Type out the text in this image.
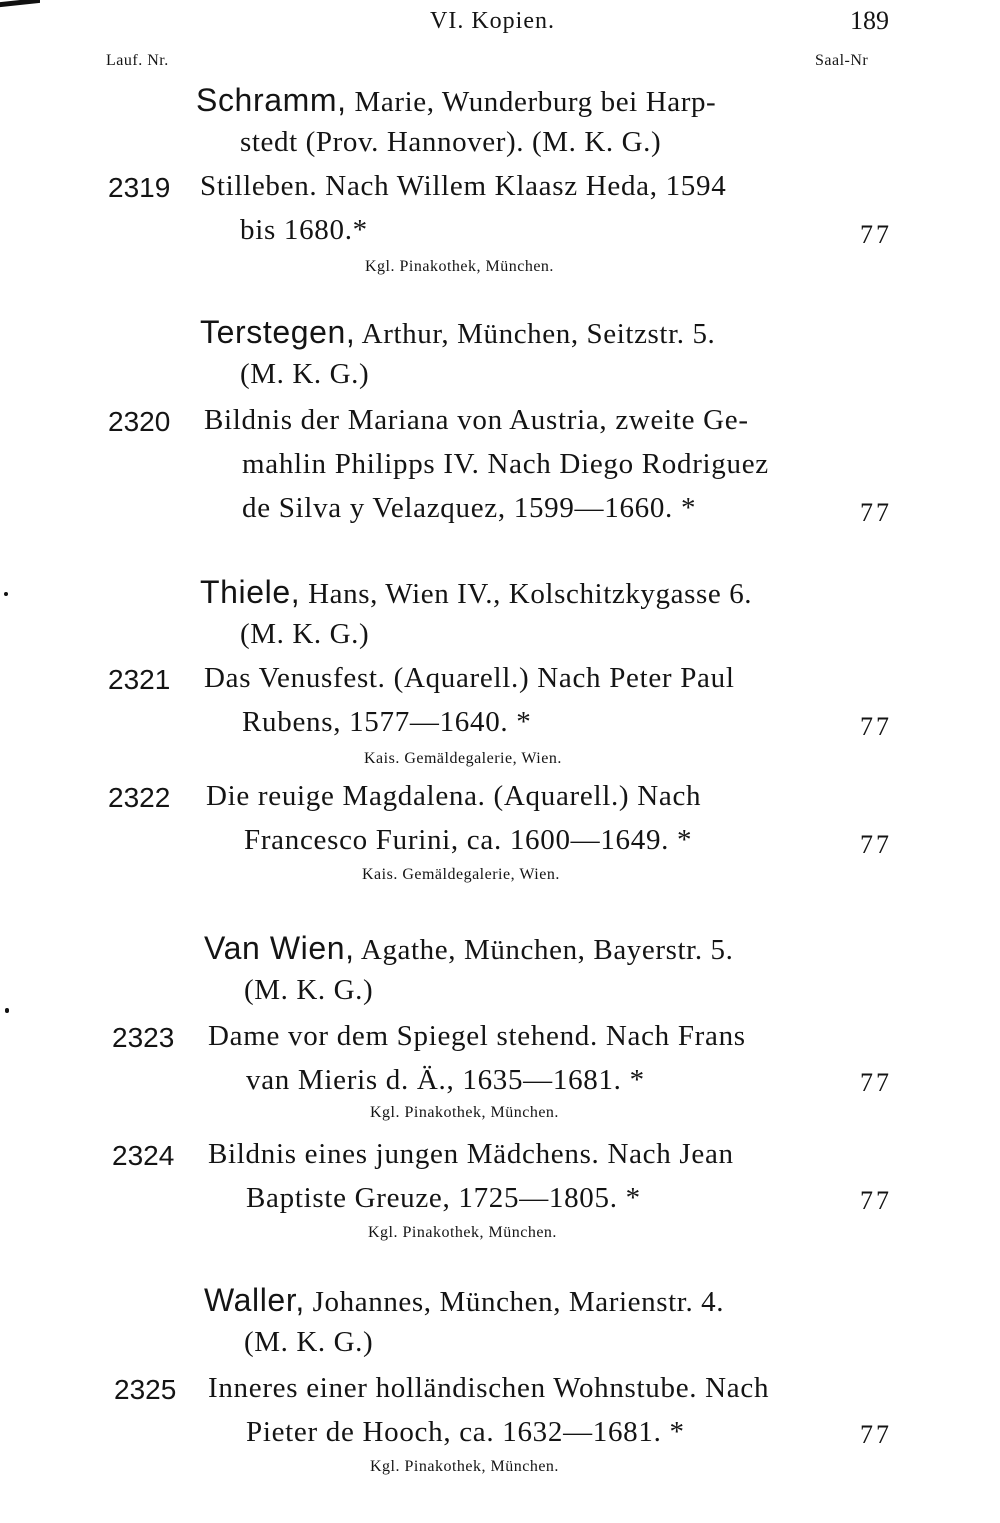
VI. Kopien.	189
Lauf. Nr.	Saal-Nr
Schramm, Marie, Wunderburg bei Harp-
stedt (Prov. Hannover). (M. K. G.)
2319 Stilleben. Nach Willem Klaasz Heda, 1594
bis 1680.*	77
Kgl. Pinakothek, München.
Terstegen, Arthur, München, Seitzstr. 5.
(M. K. G.)
2320 Bildnis der Mariana von Austria, zweite Ge-
mahlin Philipps IV. Nach Diego Rodriguez
de Silva y Velazquez, 1599—1660. *	77
Thiele, Hans, Wien IV., Kolschitzkygasse 6.
(M. K. G.)
2321 Das Venusfest. (Aquarell.) Nach Peter Paul
Rubens, 1577—1640. *	77
Kais. Gemäldegalerie, Wien.
2322 Die reuige Magdalena. (Aquarell.) Nach
Francesco Furini, ca. 1600—1649. *	77
Kais. Gemäldegalerie, Wien.
Van Wien, Agathe, München, Bayerstr. 5.
(M. K. G.)
2323 Dame vor dem Spiegel stehend. Nach Frans
van Mieris d. Ä., 1635—1681. *	77
Kgl. Pinakothek, München.
2324 Bildnis eines jungen Mädchens. Nach Jean
Baptiste Greuze, 1725—1805. *	77
Kgl. Pinakothek, München.
Waller, Johannes, München, Marienstr. 4.
(M. K. G.)
2325 Inneres einer holländischen Wohnstube. Nach
Pieter de Hooch, ca. 1632—1681. *	77
Kgl. Pinakothek, München.
